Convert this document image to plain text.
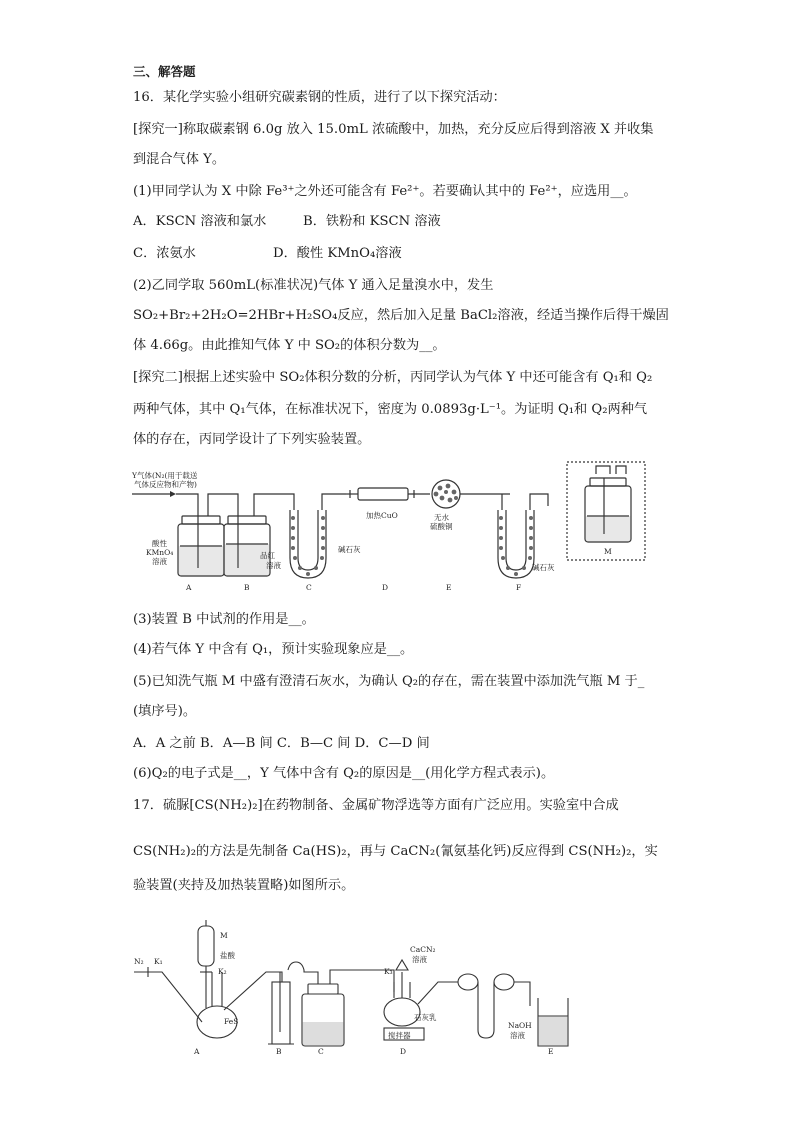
三、解答题
16．某化学实验小组研究碳素钢的性质，进行了以下探究活动：
[探究一]称取碳素钢 6.0g 放入 15.0mL 浓硫酸中，加热，充分反应后得到溶液 X 并收集
到混合气体 Y。
(1)甲同学认为 X 中除 Fe³⁺之外还可能含有 Fe²⁺。若要确认其中的 Fe²⁺，应选用__。
A．KSCN 溶液和氯水	B．铁粉和 KSCN 溶液
C．浓氨水	D．酸性 KMnO₄溶液
(2)乙同学取 560mL(标准状况)气体 Y 通入足量溴水中，发生
SO₂+Br₂+2H₂O=2HBr+H₂SO₄反应，然后加入足量 BaCl₂溶液，经适当操作后得干燥固
体 4.66g。由此推知气体 Y 中 SO₂的体积分数为__。
[探究二]根据上述实验中 SO₂体积分数的分析，丙同学认为气体 Y 中还可能含有 Q₁和 Q₂
两种气体，其中 Q₁气体，在标准状况下，密度为 0.0893g·L⁻¹。为证明 Q₁和 Q₂两种气
体的存在，丙同学设计了下列实验装置。
Y气体(N₂(用于载送
气体反应物和产物)
酸性
KMnO₄
溶液
品红
溶液
碱石灰
加热CuO	无水
硫酸铜
碱石灰
A	B	C	D	E	F
M
(3)装置 B 中试剂的作用是__。
(4)若气体 Y 中含有 Q₁，预计实验现象应是__。
(5)已知洗气瓶 M 中盛有澄清石灰水，为确认 Q₂的存在，需在装置中添加洗气瓶 M 于_
(填序号)。
A．A 之前 B．A—B 间 C．B—C 间 D．C—D 间
(6)Q₂的电子式是__，Y 气体中含有 Q₂的原因是__(用化学方程式表示)。
17．硫脲[CS(NH₂)₂]在药物制备、金属矿物浮选等方面有广泛应用。实验室中合成
CS(NH₂)₂的方法是先制备 Ca(HS)₂，再与 CaCN₂(氰氨基化钙)反应得到 CS(NH₂)₂，实
验装置(夹持及加热装置略)如图所示。
N₂ K₁
M
盐酸
K₂
FeS
CaCN₂
溶液
K₃
石灰乳
搅拌器
NaOH
溶液
A	B	C	D	E
